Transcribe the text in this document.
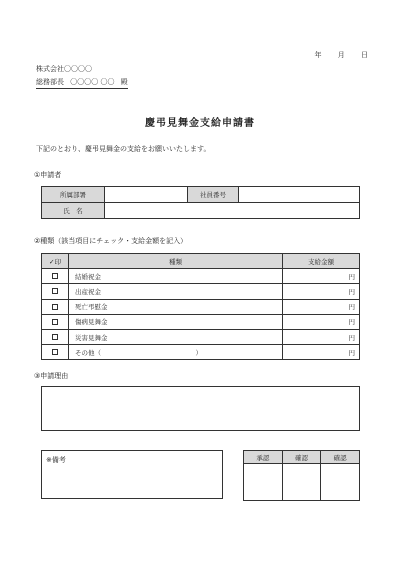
年 月 日
株式会社〇〇〇〇
総務部長 〇〇〇〇 〇〇 殿
慶弔見舞金支給申請書
下記のとおり、慶弔見舞金の支給をお願いいたします。
①申請者
所属部署		社員番号	
氏　名			
②種類（該当項目にチェック・支給金額を記入）
✓印	種類	支給金額
	結婚祝金	円
	出産祝金	円
	死亡弔慰金	円
	傷病見舞金	円
	災害見舞金	円

	その他（ ）	円
③申請理由
※備考	承認	確認	確認
